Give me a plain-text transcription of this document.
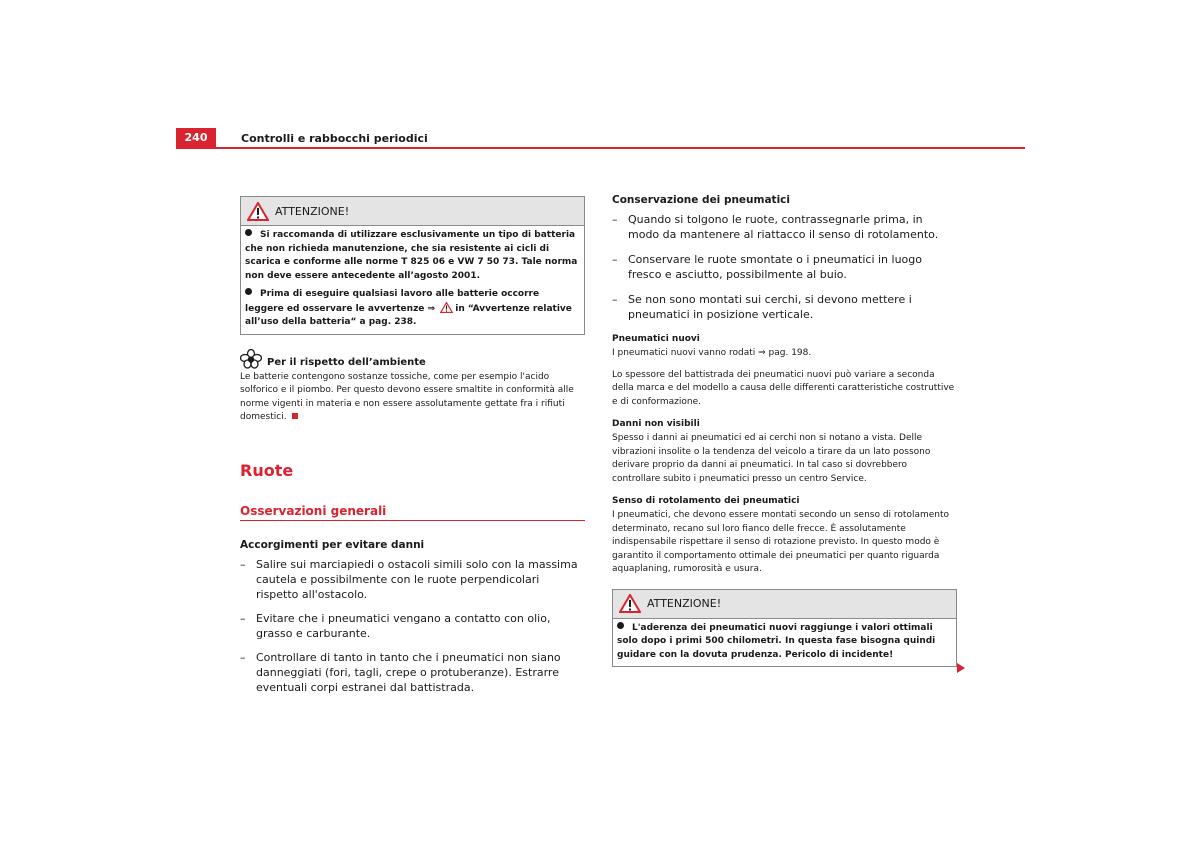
240	Controlli e rabbocchi periodici
ATTENZIONE!

Si raccomanda di utilizzare esclusivamente un tipo di batteria che non richieda manutenzione, che sia resistente ai cicli di scarica e conforme alle norme T 825 06 e VW 7 50 73. Tale norma non deve essere antecedente all’agosto 2001.

Prima di eseguire qualsiasi lavoro alle batterie occorre leggere ed osservare le avvertenze ⇒ in “Avvertenze relative all’uso della batteria“ a pag. 238.

Per il rispetto dell’ambiente

Le batterie contengono sostanze tossiche, come per esempio l'acido solforico e il piombo. Per questo devono essere smaltite in conformità alle norme vigenti in materia e non essere assolutamente gettate fra i rifiuti domestici.

Ruote
Osservazioni generali
Accorgimenti per evitare danni
– Salire sui marciapiedi o ostacoli simili solo con la massima cautela e possibilmente con le ruote perpendicolari rispetto all'ostacolo.
– Evitare che i pneumatici vengano a contatto con olio, grasso e carburante.
– Controllare di tanto in tanto che i pneumatici non siano danneggiati (fori, tagli, crepe o protuberanze). Estrarre eventuali corpi estranei dal battistrada.
Conservazione dei pneumatici
– Quando si tolgono le ruote, contrassegnarle prima, in modo da mantenere al riattacco il senso di rotolamento.
– Conservare le ruote smontate o i pneumatici in luogo fresco e asciutto, possibilmente al buio.
– Se non sono montati sui cerchi, si devono mettere i pneumatici in posizione verticale.
Pneumatici nuovi

I pneumatici nuovi vanno rodati ⇒ pag. 198.

Lo spessore del battistrada dei pneumatici nuovi può variare a seconda della marca e del modello a causa delle differenti caratteristiche costruttive e di conformazione.

Danni non visibili

Spesso i danni ai pneumatici ed ai cerchi non si notano a vista. Delle vibrazioni insolite o la tendenza del veicolo a tirare da un lato possono derivare proprio da danni ai pneumatici. In tal caso si dovrebbero controllare subito i pneumatici presso un centro Service.

Senso di rotolamento dei pneumatici

I pneumatici, che devono essere montati secondo un senso di rotolamento determinato, recano sul loro fianco delle frecce. È assolutamente indispensabile rispettare il senso di rotazione previsto. In questo modo è garantito il comportamento ottimale dei pneumatici per quanto riguarda aquaplaning, rumorosità e usura.

ATTENZIONE!

L'aderenza dei pneumatici nuovi raggiunge i valori ottimali solo dopo i primi 500 chilometri. In questa fase bisogna quindi guidare con la dovuta prudenza. Pericolo di incidente!
